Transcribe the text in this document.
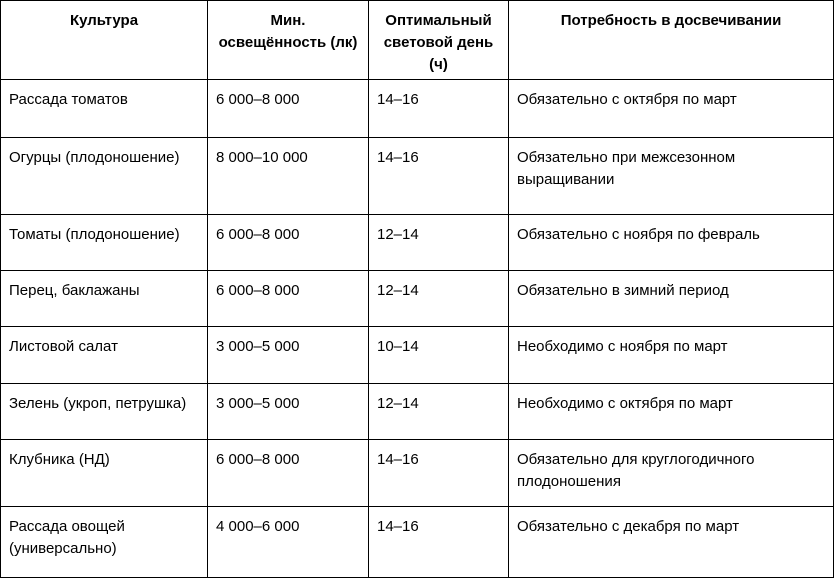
Культура	Мин. освещённость (лк)	Оптимальный световой день (ч)	Потребность в досвечивании
Рассада томатов	6 000–8 000	14–16	Обязательно с октября по март
Огурцы (плодоношение)	8 000–10 000	14–16	Обязательно при межсезонном выращивании
Томаты (плодоношение)	6 000–8 000	12–14	Обязательно с ноября по февраль
Перец, баклажаны	6 000–8 000	12–14	Обязательно в зимний период
Листовой салат	3 000–5 000	10–14	Необходимо с ноября по март
Зелень (укроп, петрушка)	3 000–5 000	12–14	Необходимо с октября по март
Клубника (НД)	6 000–8 000	14–16	Обязательно для круглогодичного плодоношения
Рассада овощей (универсально)	4 000–6 000	14–16	Обязательно с декабря по март
